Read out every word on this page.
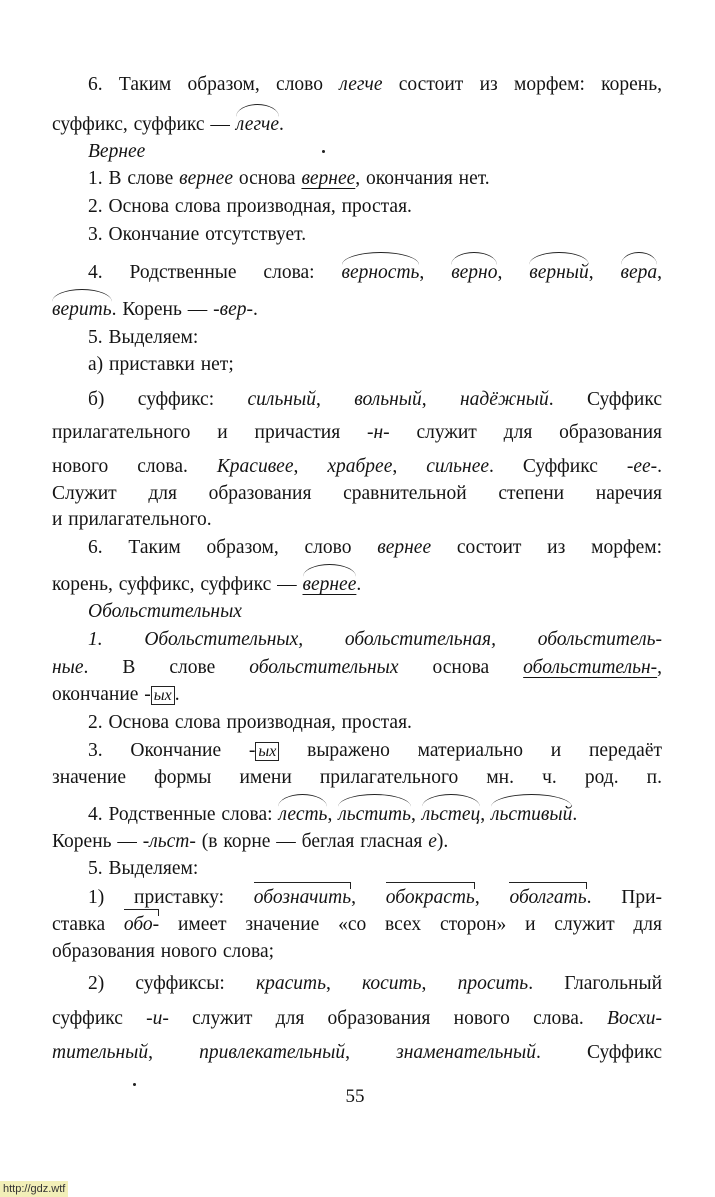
6. Таким образом, слово легче состоит из морфем: корень,
суффикс, суффикс — легче.
Вернее
1. В слове вернее основа вернее, окончания нет.
2. Основа слова производная, простая.
3. Окончание отсутствует.
4. Родственные слова: верность, верно, верный, вера,
верить. Корень — -вер-.
5. Выделяем:
а) приставки нет;
б) суффикс: сильный, вольный, надёжный. Суффикс
прилагательного и причастия -н- служит для образования
нового слова. Красивее, храбрее, сильнее. Суффикс -ее-.
Служит для образования сравнительной степени наречия
и прилагательного.
6. Таким образом, слово вернее состоит из морфем:
корень, суффикс, суффикс — вернее.
Обольстительных
1. Обольстительных, обольстительная, обольститель-
ные. В слове обольстительных основа обольстительн-,
окончание - ых .
2. Основа слова производная, простая.
3. Окончание - ых выражено материально и передаёт
значение формы имени прилагательного мн. ч. род. п.
4. Родственные слова: лесть, льстить, льстец, льстивый.
Корень — -льст- (в корне — беглая гласная е).
5. Выделяем:
1) приставку: обозначить, обокрасть, оболгать. При-
ставка обо- имеет значение «со всех сторон» и служит для
образования нового слова;
2) суффиксы: красить, косить, просить. Глагольный
суффикс -и- служит для образования нового слова. Восхи-
тительный, привлекательный, знаменательный. Суффикс
55
http://gdz.wtf
